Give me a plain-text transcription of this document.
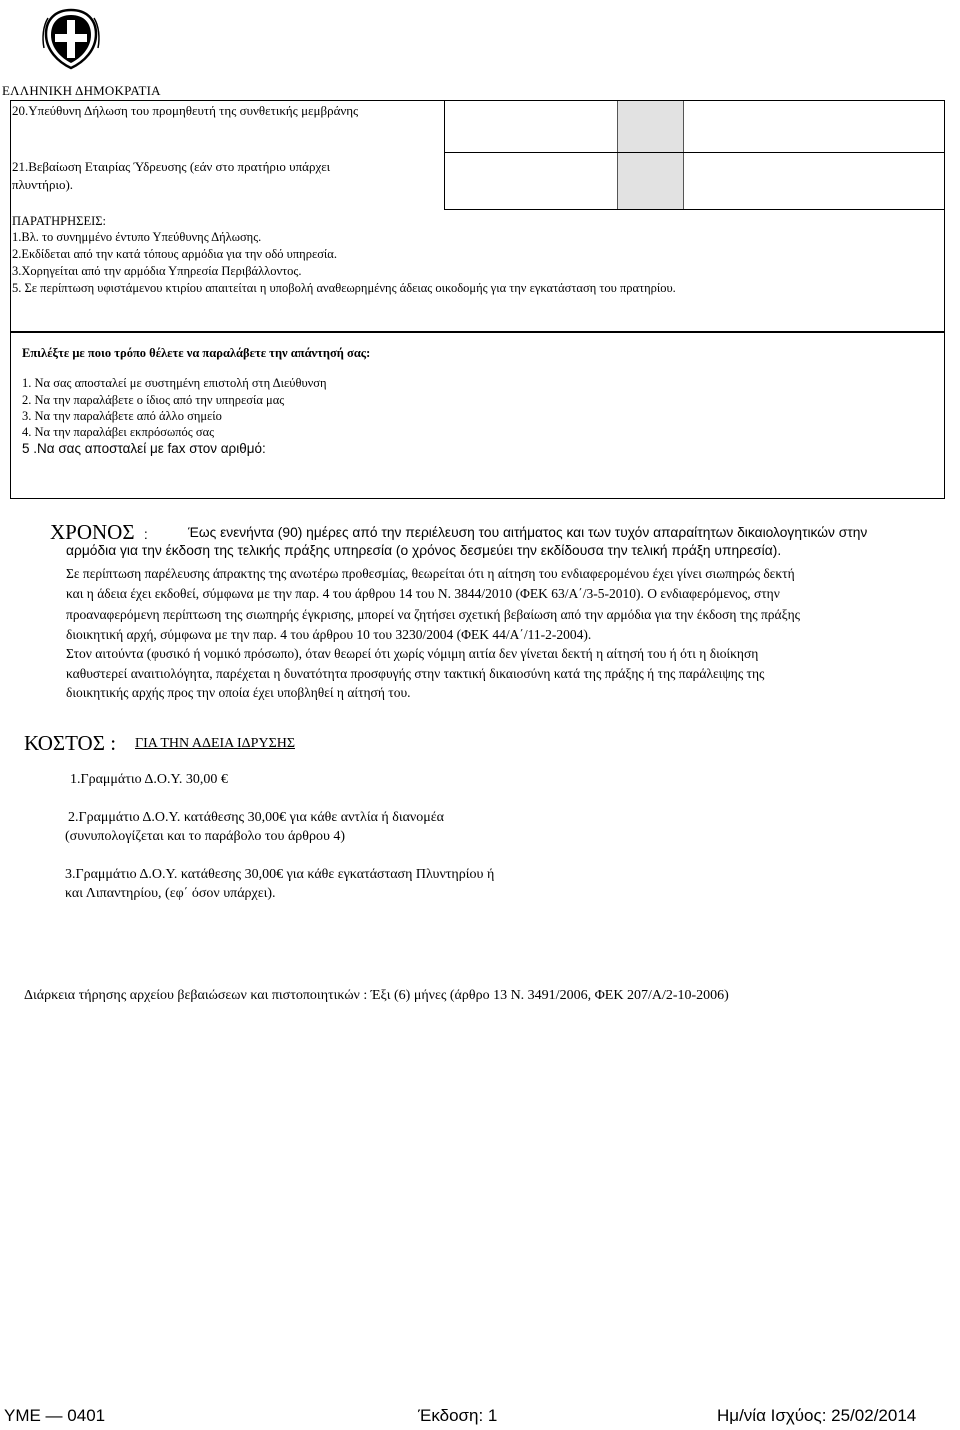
ΕΛΛΗΝΙΚΗ ΔΗΜΟΚΡΑΤΙΑ
20.Υπεύθυνη Δήλωση του προμηθευτή της συνθετικής μεμβράνης
21.Βεβαίωση Εταιρίας Ύδρευσης (εάν στο πρατήριο υπάρχει
πλυντήριο).
ΠΑΡΑΤΗΡΗΣΕΙΣ:
1.Βλ. το συνημμένο έντυπο Υπεύθυνης Δήλωσης.
2.Εκδίδεται από την κατά τόπους αρμόδια για την οδό υπηρεσία.
3.Χορηγείται από την αρμόδια Υπηρεσία Περιβάλλοντος.
5. Σε περίπτωση υφιστάμενου κτιρίου απαιτείται η υποβολή αναθεωρημένης άδειας οικοδομής για την εγκατάσταση του πρατηρίου.
Επιλέξτε με ποιο τρόπο θέλετε να παραλάβετε την απάντησή σας:
1. Να σας αποσταλεί με συστημένη επιστολή στη Διεύθυνση
2. Να την παραλάβετε ο ίδιος από την υπηρεσία μας
3. Να την παραλάβετε από άλλο σημείο
4. Να την παραλάβει εκπρόσωπός σας
5 .Να σας αποσταλεί με fax στον αριθμό:
ΧΡΟΝΟΣ :	Έως ενενήντα (90) ημέρες από την περιέλευση του αιτήματος και των τυχόν απαραίτητων δικαιολογητικών στην
αρμόδια για την έκδοση της τελικής πράξης υπηρεσία (ο χρόνος δεσμεύει την εκδίδουσα την τελική πράξη υπηρεσία).
Σε περίπτωση παρέλευσης άπρακτης της ανωτέρω προθεσμίας, θεωρείται ότι η αίτηση του ενδιαφερομένου έχει γίνει σιωπηρώς δεκτή
και η άδεια έχει εκδοθεί, σύμφωνα με την παρ. 4 του άρθρου 14 του Ν. 3844/2010 (ΦΕΚ 63/Α΄/3-5-2010). Ο ενδιαφερόμενος, στην
προαναφερόμενη περίπτωση της σιωπηρής έγκρισης, μπορεί να ζητήσει σχετική βεβαίωση από την αρμόδια για την έκδοση της πράξης
διοικητική αρχή, σύμφωνα με την παρ. 4 του άρθρου 10 του 3230/2004 (ΦΕΚ 44/Α΄/11-2-2004).
Στον αιτούντα (φυσικό ή νομικό πρόσωπο), όταν θεωρεί ότι χωρίς νόμιμη αιτία δεν γίνεται δεκτή η αίτησή του ή ότι η διοίκηση
καθυστερεί αναιτιολόγητα, παρέχεται η δυνατότητα προσφυγής στην τακτική δικαιοσύνη κατά της πράξης ή της παράλειψης της
διοικητικής αρχής προς την οποία έχει υποβληθεί η αίτησή του.
ΚΟΣΤΟΣ : ΓΙΑ ΤΗΝ ΑΔΕΙΑ ΙΔΡΥΣΗΣ
1.Γραμμάτιο Δ.Ο.Υ. 30,00 €
2.Γραμμάτιο Δ.Ο.Υ. κατάθεσης 30,00€ για κάθε αντλία ή διανομέα
(συνυπολογίζεται και το παράβολο του άρθρου 4)
3.Γραμμάτιο Δ.Ο.Υ. κατάθεσης 30,00€ για κάθε εγκατάσταση Πλυντηρίου ή
και Λιπαντηρίου, (εφ΄ όσον υπάρχει).
Διάρκεια τήρησης αρχείου βεβαιώσεων και πιστοποιητικών : Έξι (6) μήνες (άρθρο 13 Ν. 3491/2006, ΦΕΚ 207/Α/2-10-2006)
ΥΜΕ — 0401	Έκδοση: 1	Ημ/νία Ισχύος: 25/02/2014
